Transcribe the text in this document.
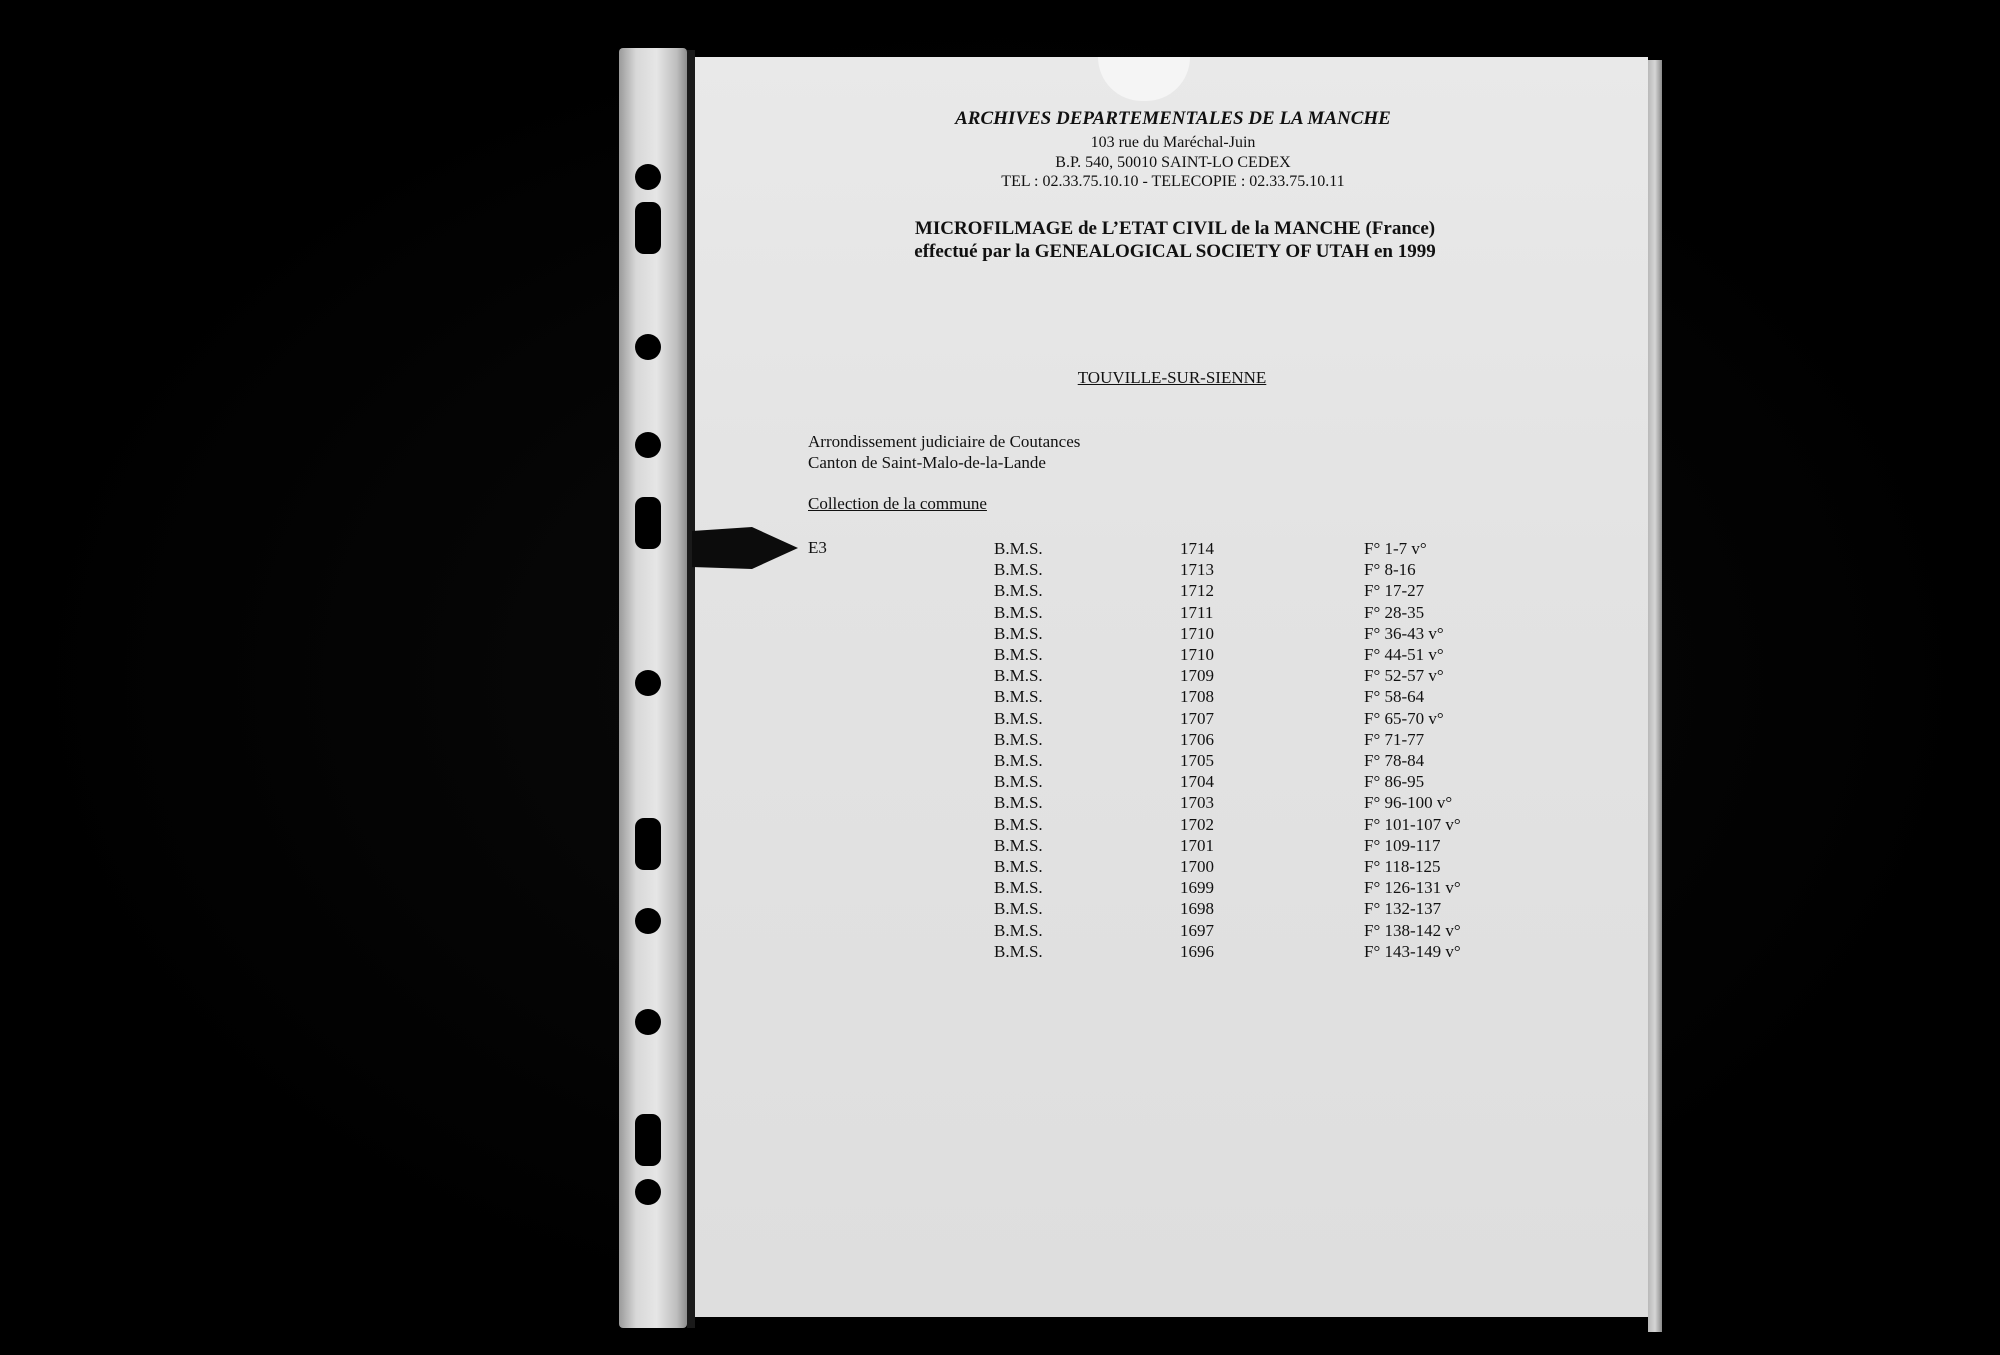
ARCHIVES DEPARTEMENTALES DE LA MANCHE
103 rue du Maréchal-Juin
B.P. 540, 50010 SAINT-LO CEDEX
TEL : 02.33.75.10.10 - TELECOPIE : 02.33.75.10.11
MICROFILMAGE de L’ETAT CIVIL de la MANCHE (France)
effectué par la GENEALOGICAL SOCIETY OF UTAH en 1999
TOUVILLE-SUR-SIENNE
Arrondissement judiciaire de Coutances
Canton de Saint-Malo-de-la-Lande
Collection de la commune
E3	B.M.S.	1714	F° 1-7 v°
B.M.S.	1713	F° 8-16
B.M.S.	1712	F° 17-27
B.M.S.	1711	F° 28-35
B.M.S.	1710	F° 36-43 v°
B.M.S.	1710	F° 44-51 v°
B.M.S.	1709	F° 52-57 v°
B.M.S.	1708	F° 58-64
B.M.S.	1707	F° 65-70 v°
B.M.S.	1706	F° 71-77
B.M.S.	1705	F° 78-84
B.M.S.	1704	F° 86-95
B.M.S.	1703	F° 96-100 v°
B.M.S.	1702	F° 101-107 v°
B.M.S.	1701	F° 109-117
B.M.S.	1700	F° 118-125
B.M.S.	1699	F° 126-131 v°
B.M.S.	1698	F° 132-137
B.M.S.	1697	F° 138-142 v°
B.M.S.	1696	F° 143-149 v°
